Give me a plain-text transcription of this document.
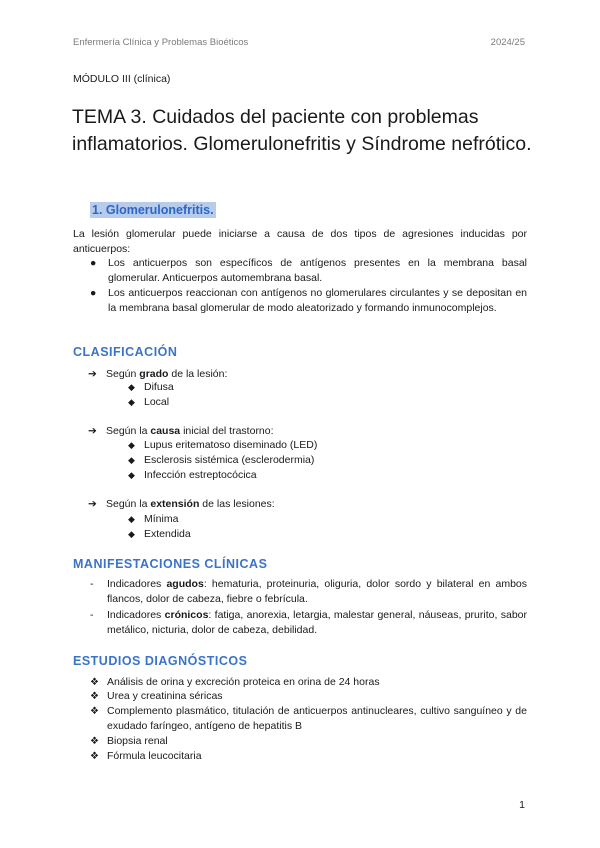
Enfermería Clínica y Problemas Bioéticos	2024/25
MÓDULO III (clínica)
TEMA 3. Cuidados del paciente con problemas inflamatorios. Glomerulonefritis y Síndrome nefrótico.
1. Glomerulonefritis.
La lesión glomerular puede iniciarse a causa de dos tipos de agresiones inducidas por anticuerpos:
● Los anticuerpos son específicos de antígenos presentes en la membrana basal glomerular. Anticuerpos automembrana basal.
● Los anticuerpos reaccionan con antígenos no glomerulares circulantes y se depositan en la membrana basal glomerular de modo aleatorizado y formando inmunocomplejos.
CLASIFICACIÓN
➔ Según grado de la lesión:
◆ Difusa
◆ Local
➔ Según la causa inicial del trastorno:
◆ Lupus eritematoso diseminado (LED)
◆ Esclerosis sistémica (esclerodermia)
◆ Infección estreptocócica
➔ Según la extensión de las lesiones:
◆ Mínima
◆ Extendida
MANIFESTACIONES CLÍNICAS
- Indicadores agudos: hematuria, proteinuria, oliguria, dolor sordo y bilateral en ambos flancos, dolor de cabeza, fiebre o febrícula.
- Indicadores crónicos: fatiga, anorexia, letargia, malestar general, náuseas, prurito, sabor metálico, nicturia, dolor de cabeza, debilidad.
ESTUDIOS DIAGNÓSTICOS
❖ Análisis de orina y excreción proteica en orina de 24 horas
❖ Urea y creatinina séricas
❖ Complemento plasmático, titulación de anticuerpos antinucleares, cultivo sanguíneo y de exudado faríngeo, antígeno de hepatitis B
❖ Biopsia renal
❖ Fórmula leucocitaria
1
